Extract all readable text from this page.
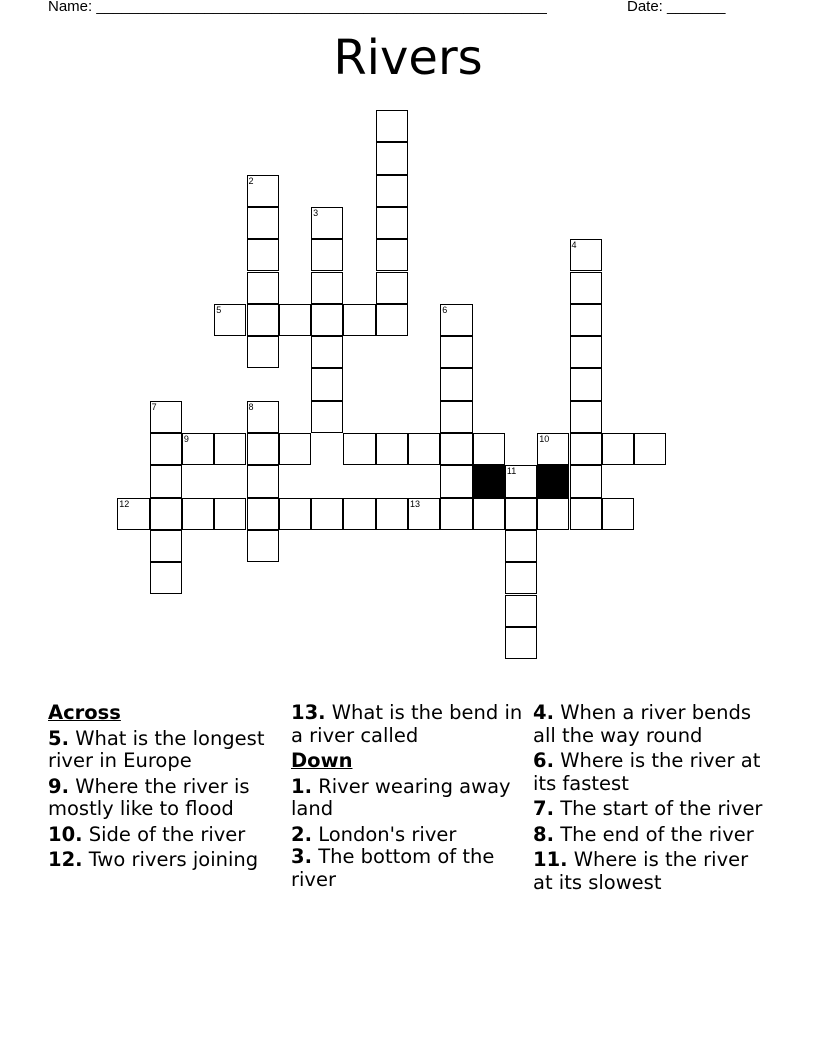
Name: ______________________________________________________	Date: _______
Rivers
2
3
5
4
6
7	8
9	10
12	13
11
Across
5. What is the longest river in Europe
9. Where the river is mostly like to flood
10. Side of the river
12. Two rivers joining
13. What is the bend in a river called
Down
1. River wearing away land
2. London's river
3. The bottom of the river
4. When a river bends all the way round
6. Where is the river at its fastest
7. The start of the river
8. The end of the river
11. Where is the river at its slowest
